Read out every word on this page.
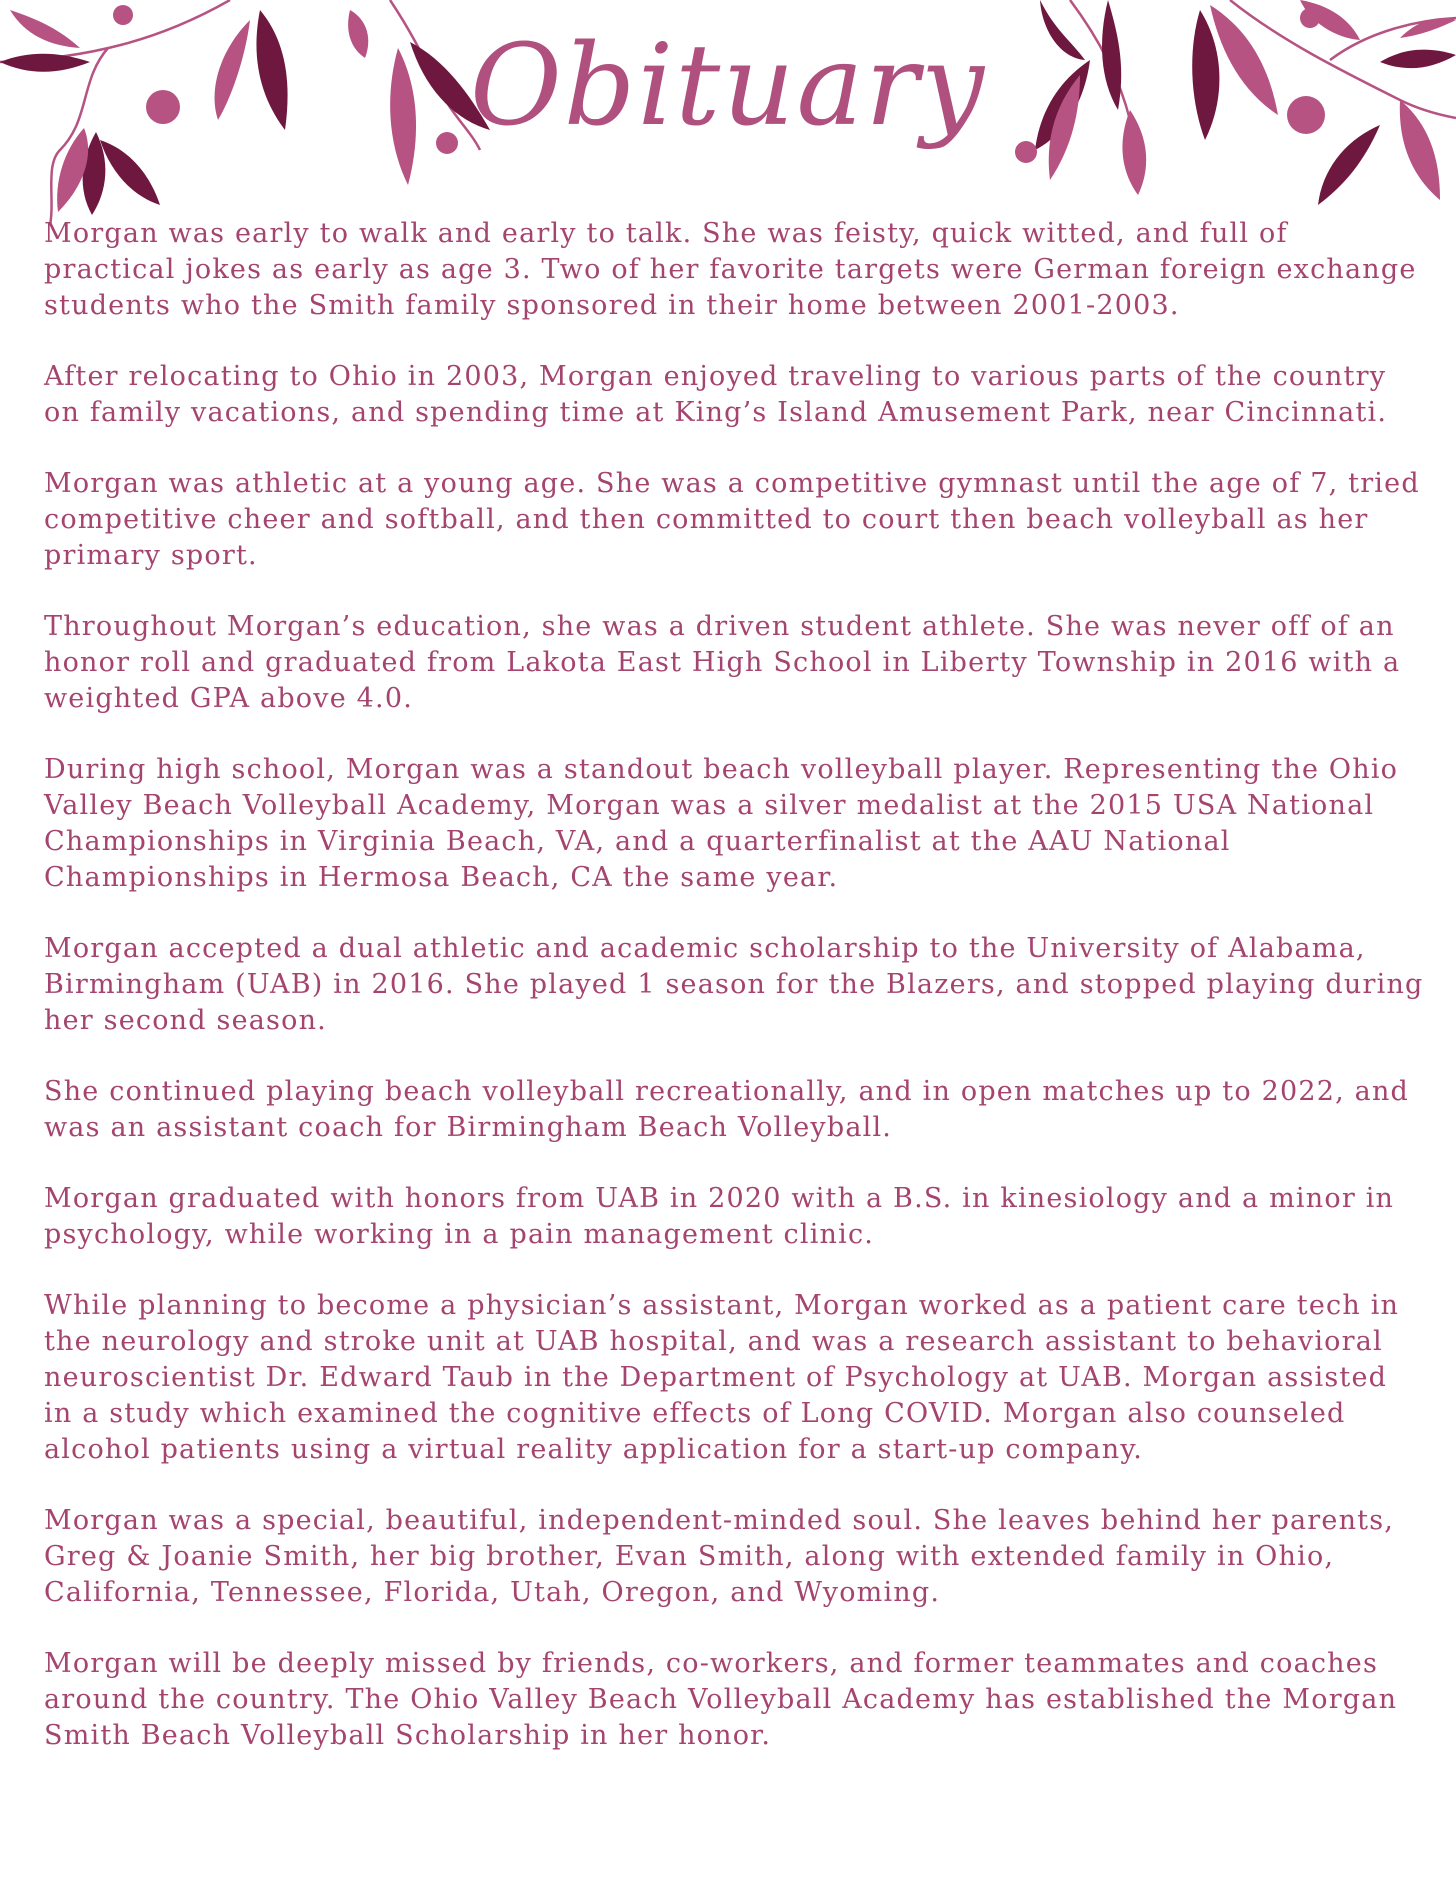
Obituary

Morgan was early to walk and early to talk. She was feisty, quick witted, and full of practical jokes as early as age 3. Two of her favorite targets were German foreign exchange students who the Smith family sponsored in their home between 2001-2003.

After relocating to Ohio in 2003, Morgan enjoyed traveling to various parts of the country on family vacations, and spending time at King’s Island Amusement Park, near Cincinnati.

Morgan was athletic at a young age. She was a competitive gymnast until the age of 7, tried competitive cheer and softball, and then committed to court then beach volleyball as her primary sport.

Throughout Morgan’s education, she was a driven student athlete. She was never off of an honor roll and graduated from Lakota East High School in Liberty Township in 2016 with a weighted GPA above 4.0.

During high school, Morgan was a standout beach volleyball player. Representing the Ohio Valley Beach Volleyball Academy, Morgan was a silver medalist at the 2015 USA National Championships in Virginia Beach, VA, and a quarterfinalist at the AAU National Championships in Hermosa Beach, CA the same year.

Morgan accepted a dual athletic and academic scholarship to the University of Alabama, Birmingham (UAB) in 2016. She played 1 season for the Blazers, and stopped playing during her second season.

She continued playing beach volleyball recreationally, and in open matches up to 2022, and was an assistant coach for Birmingham Beach Volleyball.

Morgan graduated with honors from UAB in 2020 with a B.S. in kinesiology and a minor in psychology, while working in a pain management clinic.

While planning to become a physician’s assistant, Morgan worked as a patient care tech in the neurology and stroke unit at UAB hospital, and was a research assistant to behavioral neuroscientist Dr. Edward Taub in the Department of Psychology at UAB. Morgan assisted in a study which examined the cognitive effects of Long COVID. Morgan also counseled alcohol patients using a virtual reality application for a start-up company.

Morgan was a special, beautiful, independent-minded soul. She leaves behind her parents, Greg & Joanie Smith, her big brother, Evan Smith, along with extended family in Ohio, California, Tennessee, Florida, Utah, Oregon, and Wyoming.

Morgan will be deeply missed by friends, co-workers, and former teammates and coaches around the country. The Ohio Valley Beach Volleyball Academy has established the Morgan Smith Beach Volleyball Scholarship in her honor.
